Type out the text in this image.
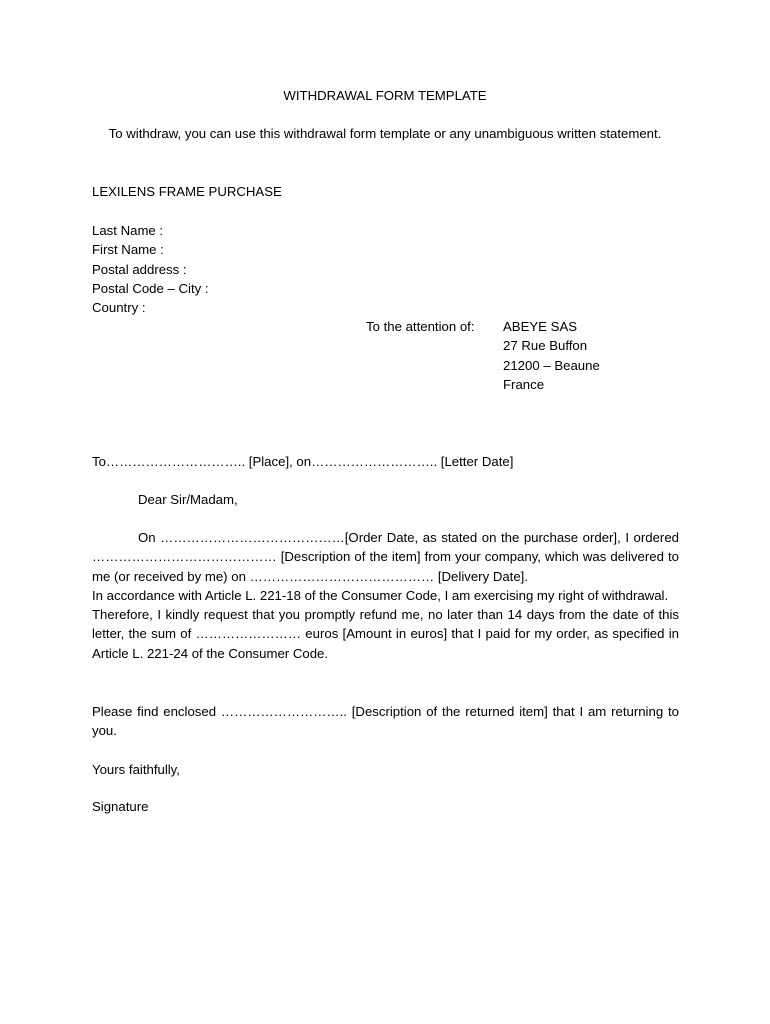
WITHDRAWAL FORM TEMPLATE
To withdraw, you can use this withdrawal form template or any unambiguous written statement.
LEXILENS FRAME PURCHASE
Last Name :
First Name :
Postal address :
Postal Code – City :
Country :
To the attention of: ABEYE SAS
27 Rue Buffon
21200 – Beaune
France
To………………………….. [Place], on……………………….. [Letter Date]
Dear Sir/Madam,

On ……………………………………[Order Date, as stated on the purchase order], I ordered …………………………………… [Description of the item] from your company, which was delivered to me (or received by me) on …………………………………… [Delivery Date].

In accordance with Article L. 221-18 of the Consumer Code, I am exercising my right of withdrawal.

Therefore, I kindly request that you promptly refund me, no later than 14 days from the date of this letter, the sum of …………………… euros [Amount in euros] that I paid for my order, as specified in Article L. 221-24 of the Consumer Code.

Please find enclosed ……………………….. [Description of the returned item] that I am returning to you.
Yours faithfully,
Signature
